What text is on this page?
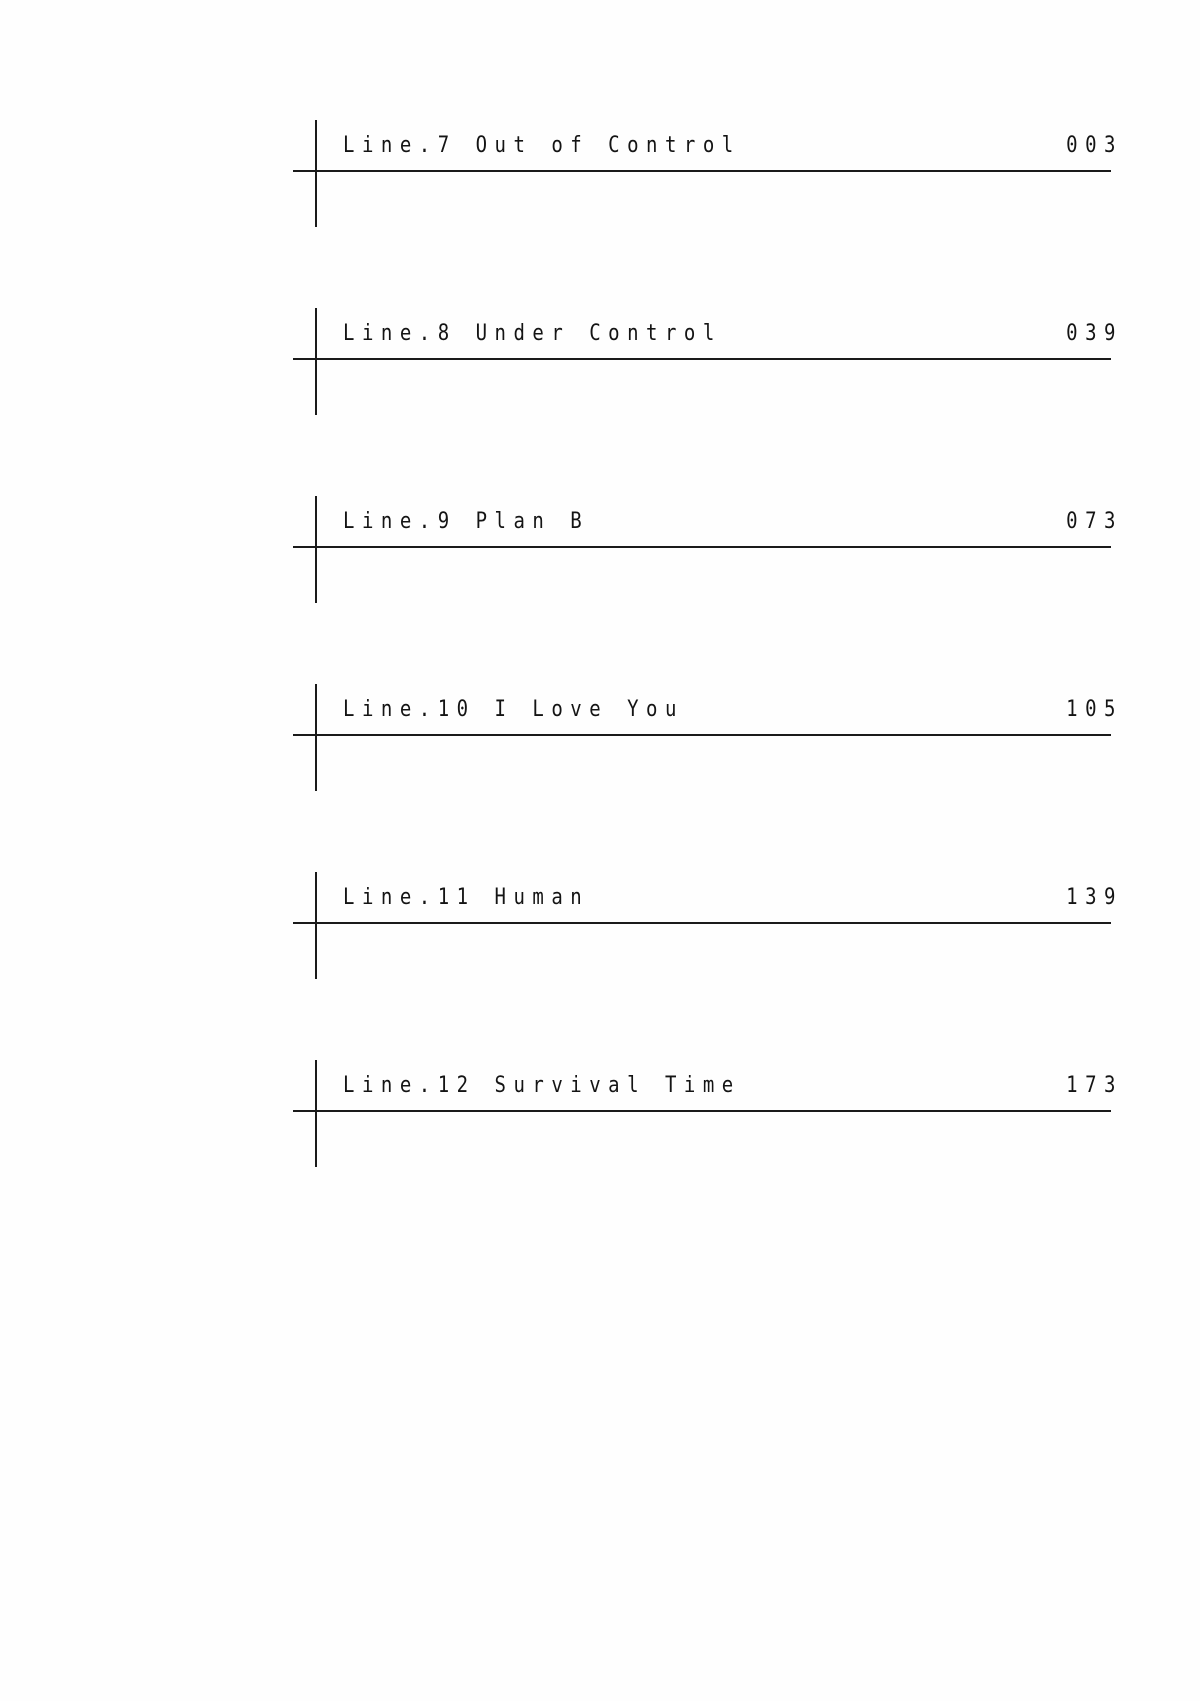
Line.7 Out of Control	003
Line.8 Under Control	039
Line.9 Plan B	073
Line.10 I Love You	105
Line.11 Human	139
Line.12 Survival Time	173
